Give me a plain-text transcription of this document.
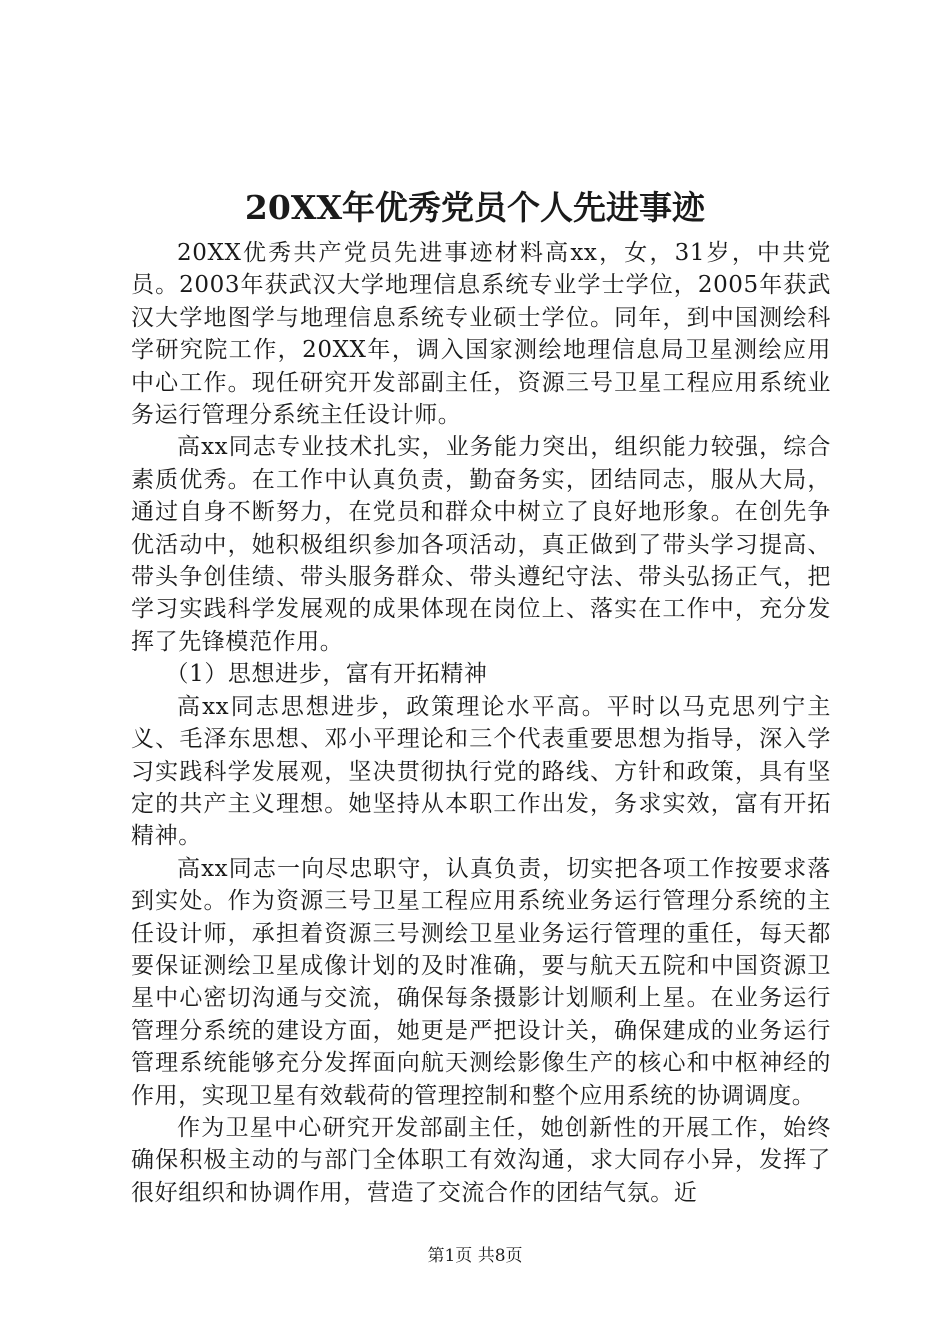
20XX年优秀党员个人先进事迹

20XX优秀共产党员先进事迹材料高xx，女，31岁，中共党员。2003年获武汉大学地理信息系统专业学士学位，2005年获武汉大学地图学与地理信息系统专业硕士学位。同年，到中国测绘科学研究院工作，20XX年，调入国家测绘地理信息局卫星测绘应用中心工作。现任研究开发部副主任，资源三号卫星工程应用系统业务运行管理分系统主任设计师。

高xx同志专业技术扎实，业务能力突出，组织能力较强，综合素质优秀。在工作中认真负责，勤奋务实，团结同志，服从大局，通过自身不断努力，在党员和群众中树立了良好地形象。在创先争优活动中，她积极组织参加各项活动，真正做到了带头学习提高、带头争创佳绩、带头服务群众、带头遵纪守法、带头弘扬正气，把学习实践科学发展观的成果体现在岗位上、落实在工作中，充分发挥了先锋模范作用。

（1）思想进步，富有开拓精神

高xx同志思想进步，政策理论水平高。平时以马克思列宁主义、毛泽东思想、邓小平理论和三个代表重要思想为指导，深入学习实践科学发展观，坚决贯彻执行党的路线、方针和政策，具有坚定的共产主义理想。她坚持从本职工作出发，务求实效，富有开拓精神。

高xx同志一向尽忠职守，认真负责，切实把各项工作按要求落到实处。作为资源三号卫星工程应用系统业务运行管理分系统的主任设计师，承担着资源三号测绘卫星业务运行管理的重任，每天都要保证测绘卫星成像计划的及时准确，要与航天五院和中国资源卫星中心密切沟通与交流，确保每条摄影计划顺利上星。在业务运行管理分系统的建设方面，她更是严把设计关，确保建成的业务运行管理系统能够充分发挥面向航天测绘影像生产的核心和中枢神经的作用，实现卫星有效载荷的管理控制和整个应用系统的协调调度。

作为卫星中心研究开发部副主任，她创新性的开展工作，始终确保积极主动的与部门全体职工有效沟通，求大同存小异，发挥了很好组织和协调作用，营造了交流合作的团结气氛。近

第1页 共8页
